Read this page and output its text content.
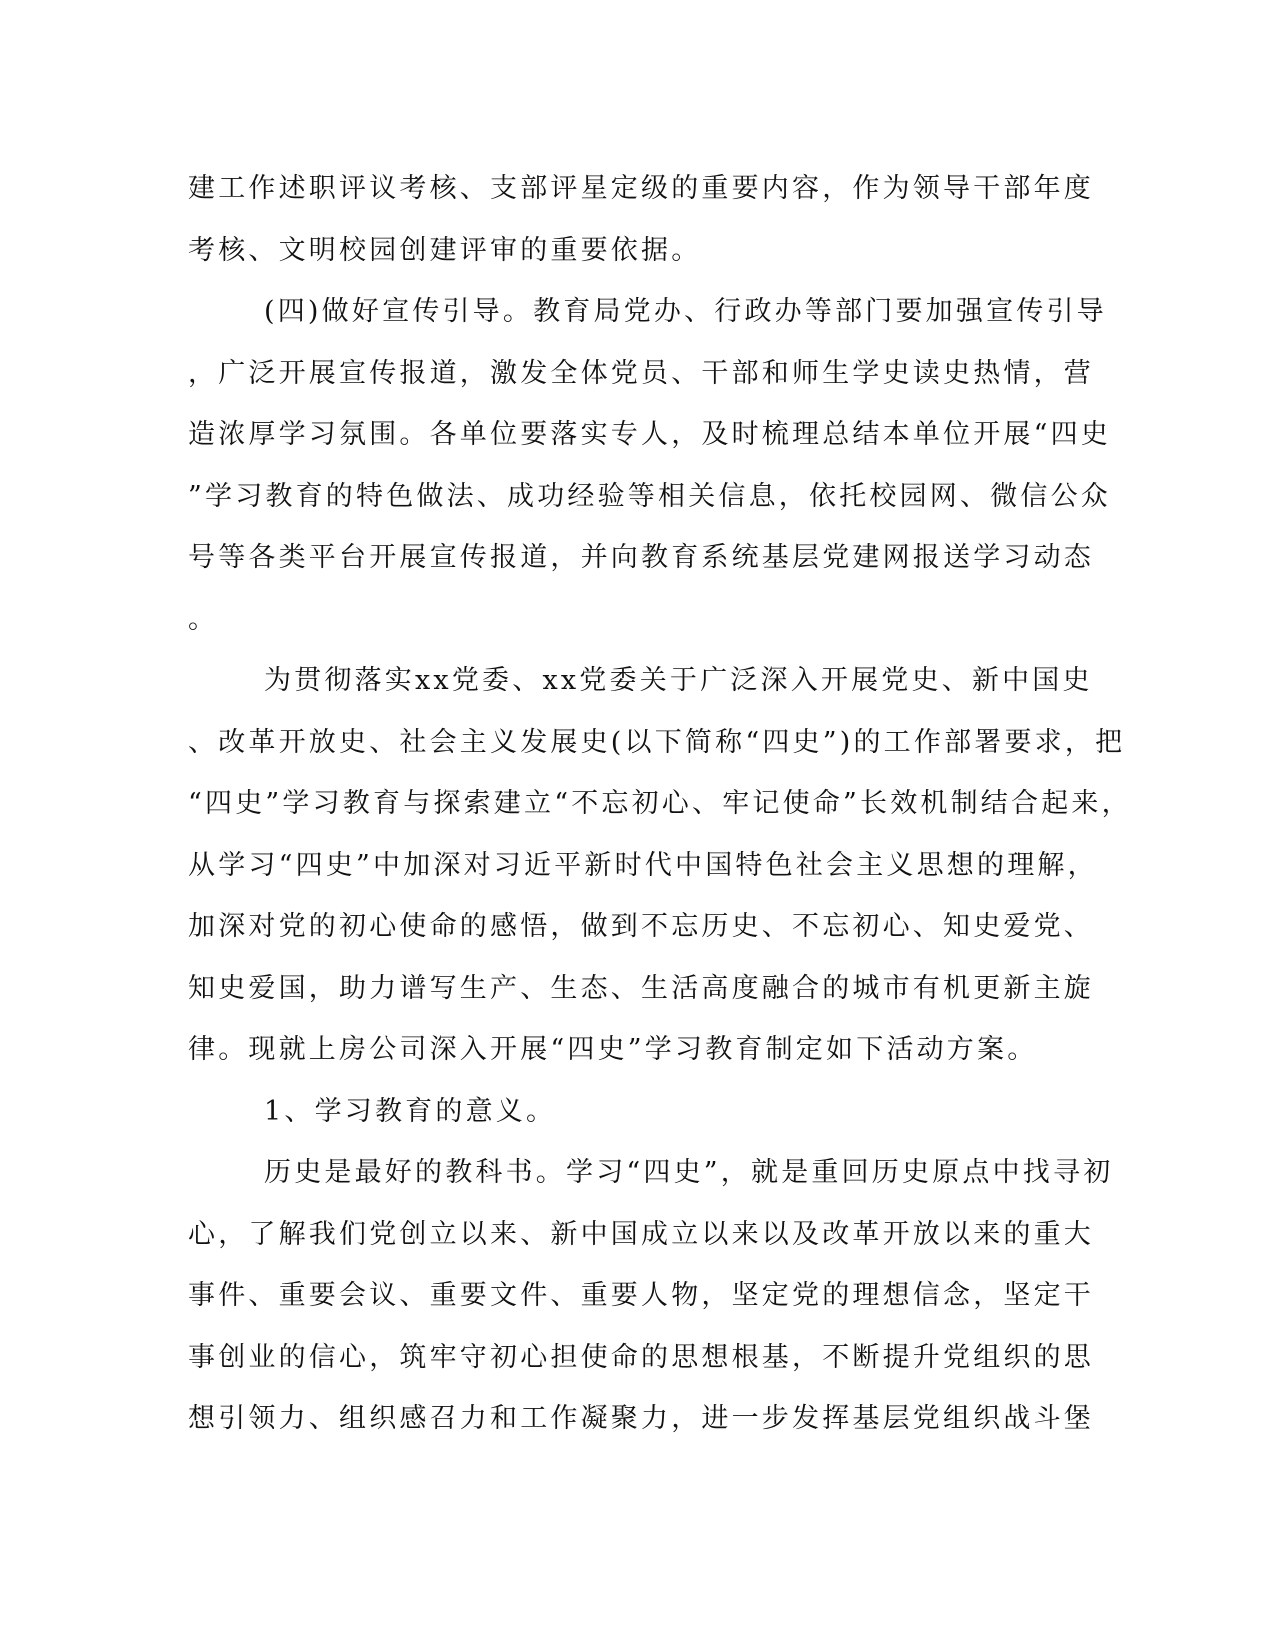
建工作述职评议考核、支部评星定级的重要内容，作为领导干部年度
考核、文明校园创建评审的重要依据。
(四)做好宣传引导。教育局党办、行政办等部门要加强宣传引导
，广泛开展宣传报道，激发全体党员、干部和师生学史读史热情，营
造浓厚学习氛围。各单位要落实专人，及时梳理总结本单位开展“四史
”学习教育的特色做法、成功经验等相关信息，依托校园网、微信公众
号等各类平台开展宣传报道，并向教育系统基层党建网报送学习动态
。
为贯彻落实xx党委、xx党委关于广泛深入开展党史、新中国史
、改革开放史、社会主义发展史(以下简称“四史”)的工作部署要求，把
“四史”学习教育与探索建立“不忘初心、牢记使命”长效机制结合起来，
从学习“四史”中加深对习近平新时代中国特色社会主义思想的理解，
加深对党的初心使命的感悟，做到不忘历史、不忘初心、知史爱党、
知史爱国，助力谱写生产、生态、生活高度融合的城市有机更新主旋
律。现就上房公司深入开展“四史”学习教育制定如下活动方案。
1、学习教育的意义。
历史是最好的教科书。学习“四史”，就是重回历史原点中找寻初
心，了解我们党创立以来、新中国成立以来以及改革开放以来的重大
事件、重要会议、重要文件、重要人物，坚定党的理想信念，坚定干
事创业的信心，筑牢守初心担使命的思想根基，不断提升党组织的思
想引领力、组织感召力和工作凝聚力，进一步发挥基层党组织战斗堡
